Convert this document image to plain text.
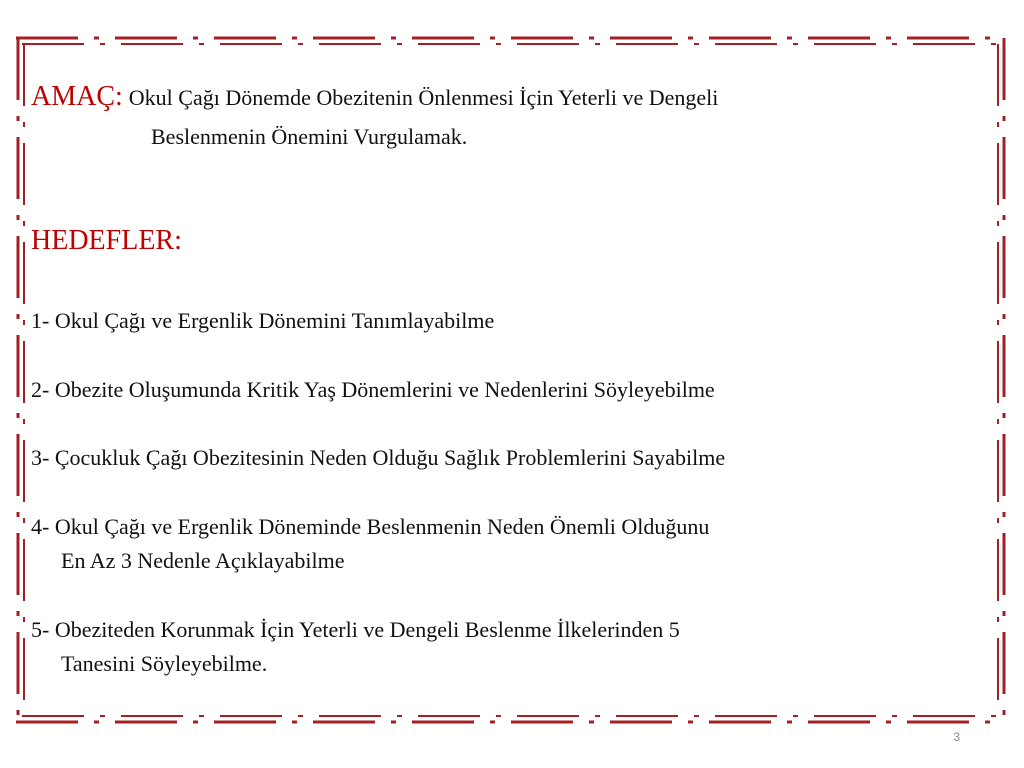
AMAÇ: Okul Çağı Dönemde Obezitenin Önlenmesi İçin Yeterli ve Dengeli
Beslenmenin Önemini Vurgulamak.
HEDEFLER:
1- Okul Çağı ve Ergenlik Dönemini Tanımlayabilme
2- Obezite Oluşumunda Kritik Yaş Dönemlerini ve Nedenlerini Söyleyebilme
3- Çocukluk Çağı Obezitesinin Neden Olduğu Sağlık Problemlerini Sayabilme
4- Okul Çağı ve Ergenlik Döneminde Beslenmenin Neden Önemli Olduğunu
En Az 3 Nedenle Açıklayabilme
5- Obeziteden Korunmak İçin Yeterli ve Dengeli Beslenme İlkelerinden 5
Tanesini Söyleyebilme.
3
